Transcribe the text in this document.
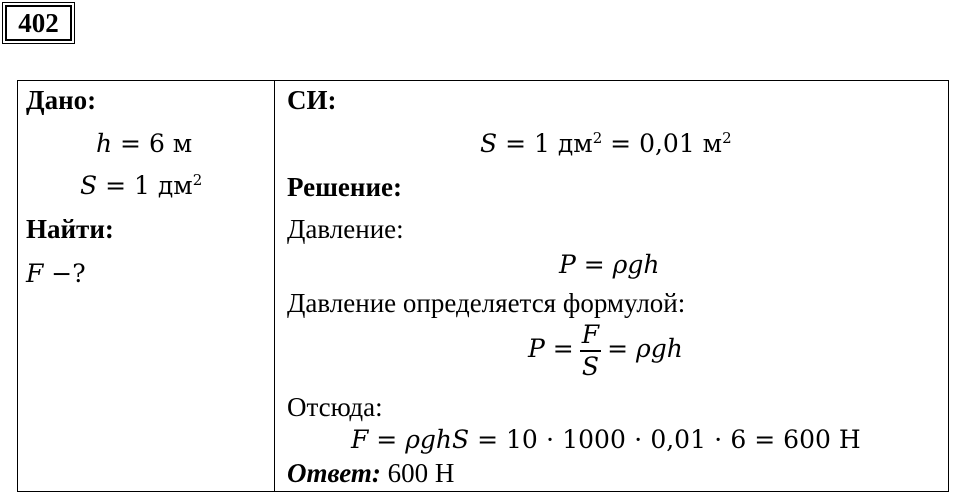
402
Дано:
h = 6 м
S = 1 $дм^2$
Найти:
F −?
СИ:
S = 1 $дм^2 = 0,01$ $м^2$
Решение:
Давление:
P = ρgh
Давление определяется формулой:
$P = \frac{F}{S} = \rho gh$
Отсюда:
F = ρghS = 10 ⋅ 1000 ⋅ 0,01 ⋅ 6 = 600 Н
Ответ: 600 Н
